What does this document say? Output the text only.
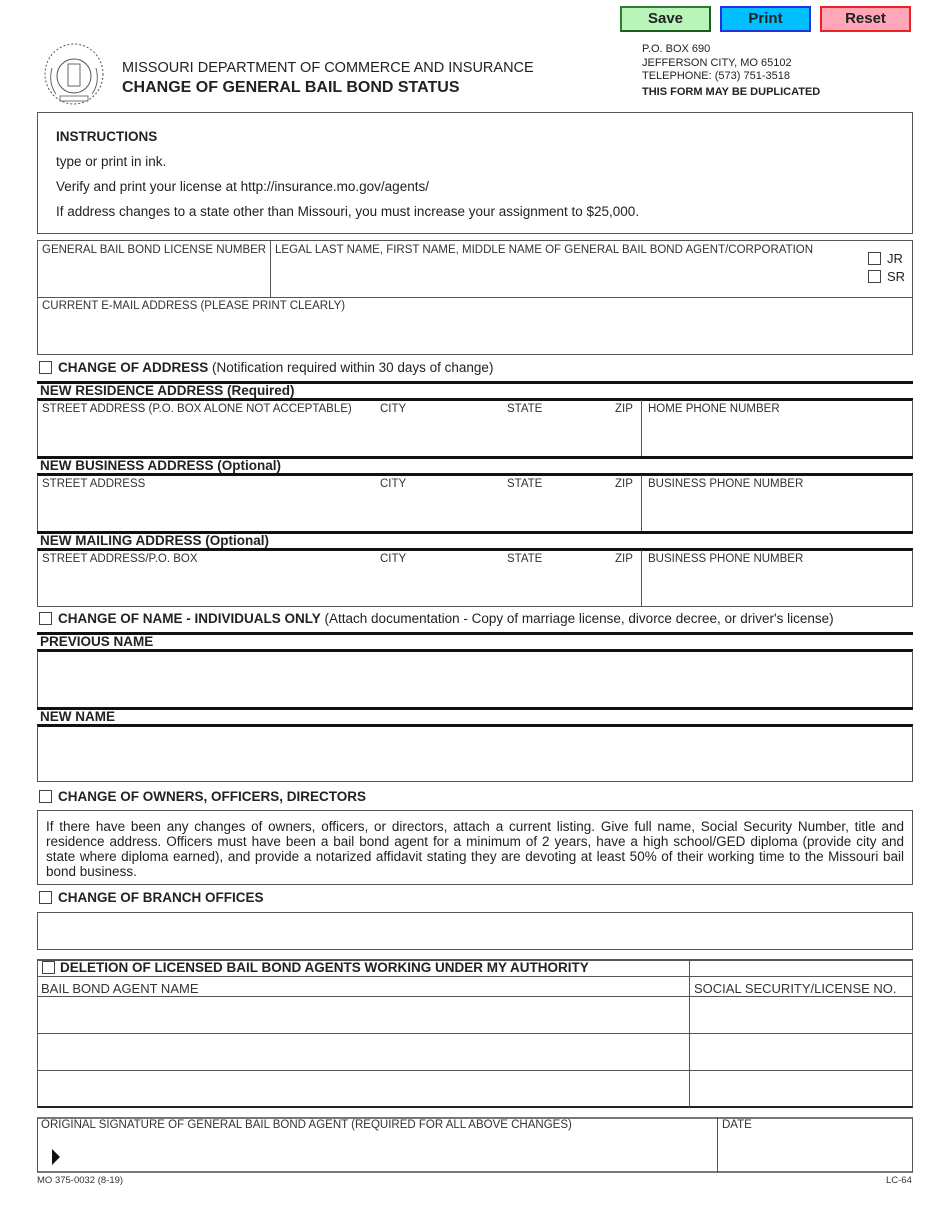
Save	Print	Reset
MISSOURI DEPARTMENT OF COMMERCE AND INSURANCE
CHANGE OF GENERAL BAIL BOND STATUS
P.O. BOX 690
JEFFERSON CITY, MO 65102
TELEPHONE: (573) 751-3518
THIS FORM MAY BE DUPLICATED
INSTRUCTIONS
type or print in ink.
Verify and print your license at http://insurance.mo.gov/agents/
If address changes to a state other than Missouri, you must increase your assignment to $25,000.
GENERAL BAIL BOND LICENSE NUMBER LEGAL LAST NAME, FIRST NAME, MIDDLE NAME OF GENERAL BAIL BOND AGENT/CORPORATION
JR
SR
CURRENT E-MAIL ADDRESS (PLEASE PRINT CLEARLY)
CHANGE OF ADDRESS (Notification required within 30 days of change)
NEW RESIDENCE ADDRESS (Required)
STREET ADDRESS (P.O. BOX ALONE NOT ACCEPTABLE) CITY	STATE	ZIP HOME PHONE NUMBER
NEW BUSINESS ADDRESS (Optional)
STREET ADDRESS	CITY	STATE	ZIP BUSINESS PHONE NUMBER
NEW MAILING ADDRESS (Optional)
STREET ADDRESS/P.O. BOX	CITY	STATE	ZIP BUSINESS PHONE NUMBER
CHANGE OF NAME - INDIVIDUALS ONLY (Attach documentation - Copy of marriage license, divorce decree, or driver's license)
PREVIOUS NAME
NEW NAME
CHANGE OF OWNERS, OFFICERS, DIRECTORS
If there have been any changes of owners, officers, or directors, attach a current listing. Give full name, Social Security Number, title and residence address. Officers must have been a bail bond agent for a minimum of 2 years, have a high school/GED diploma (provide city and state where diploma earned), and provide a notarized affidavit stating they are devoting at least 50% of their working time to the Missouri bail bond business.
CHANGE OF BRANCH OFFICES
DELETION OF LICENSED BAIL BOND AGENTS WORKING UNDER MY AUTHORITY
BAIL BOND AGENT NAME	SOCIAL SECURITY/LICENSE NO.
ORIGINAL SIGNATURE OF GENERAL BAIL BOND AGENT (REQUIRED FOR ALL ABOVE CHANGES)	DATE
MO 375-0032 (8-19)	LC-64
